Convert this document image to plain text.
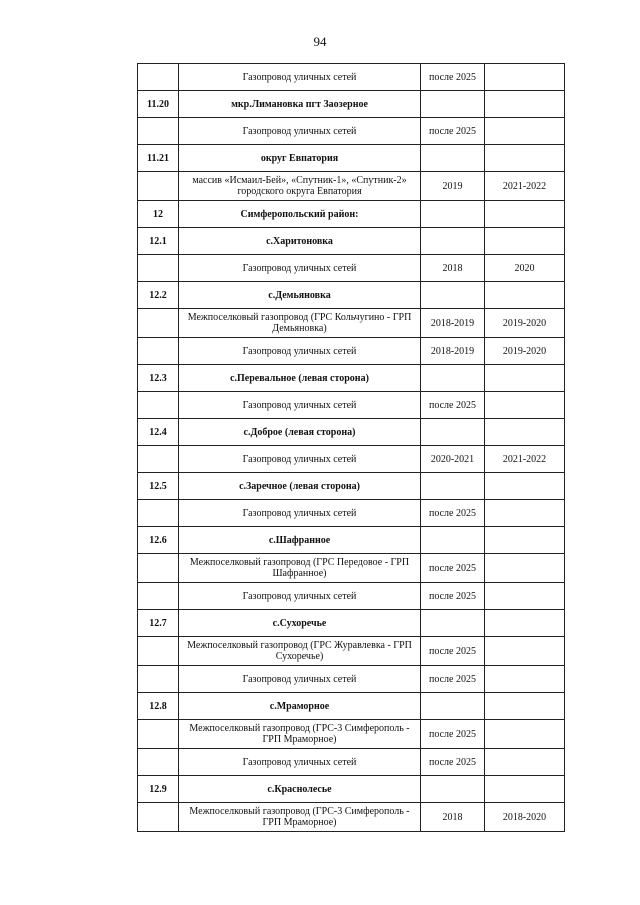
94
	Газопровод уличных сетей	после 2025	
11.20	мкр.Лимановка пгт Заозерное		
	Газопровод уличных сетей	после 2025	
11.21	округ Евпатория		
	массив «Исмаил-Бей», «Спутник-1», «Спутник-2» городского округа Евпатория	2019	2021-2022
12	Симферопольский район:		
12.1	с.Харитоновка		
	Газопровод уличных сетей	2018	2020
12.2	с.Демьяновка		
	Межпоселковый газопровод (ГРС Кольчугино - ГРП Демьяновка)	2018-2019	2019-2020
	Газопровод уличных сетей	2018-2019	2019-2020
12.3	с.Перевальное (левая сторона)		
	Газопровод уличных сетей	после 2025	
12.4	с.Доброе (левая сторона)		
	Газопровод уличных сетей	2020-2021	2021-2022
12.5	с.Заречное (левая сторона)		
	Газопровод уличных сетей	после 2025	
12.6	с.Шафранное		
	Межпоселковый газопровод (ГРС Передовое - ГРП Шафранное)	после 2025	
	Газопровод уличных сетей	после 2025	
12.7	с.Сухоречье		
	Межпоселковый газопровод (ГРС Журавлевка - ГРП Сухоречье)	после 2025	
	Газопровод уличных сетей	после 2025	
12.8	с.Мраморное		
	Межпоселковый газопровод (ГРС-3 Симферополь - ГРП Мраморное)	после 2025	
	Газопровод уличных сетей	после 2025	
12.9	с.Краснолесье		
	Межпоселковый газопровод (ГРС-3 Симферополь - ГРП Мраморное)	2018	2018-2020
